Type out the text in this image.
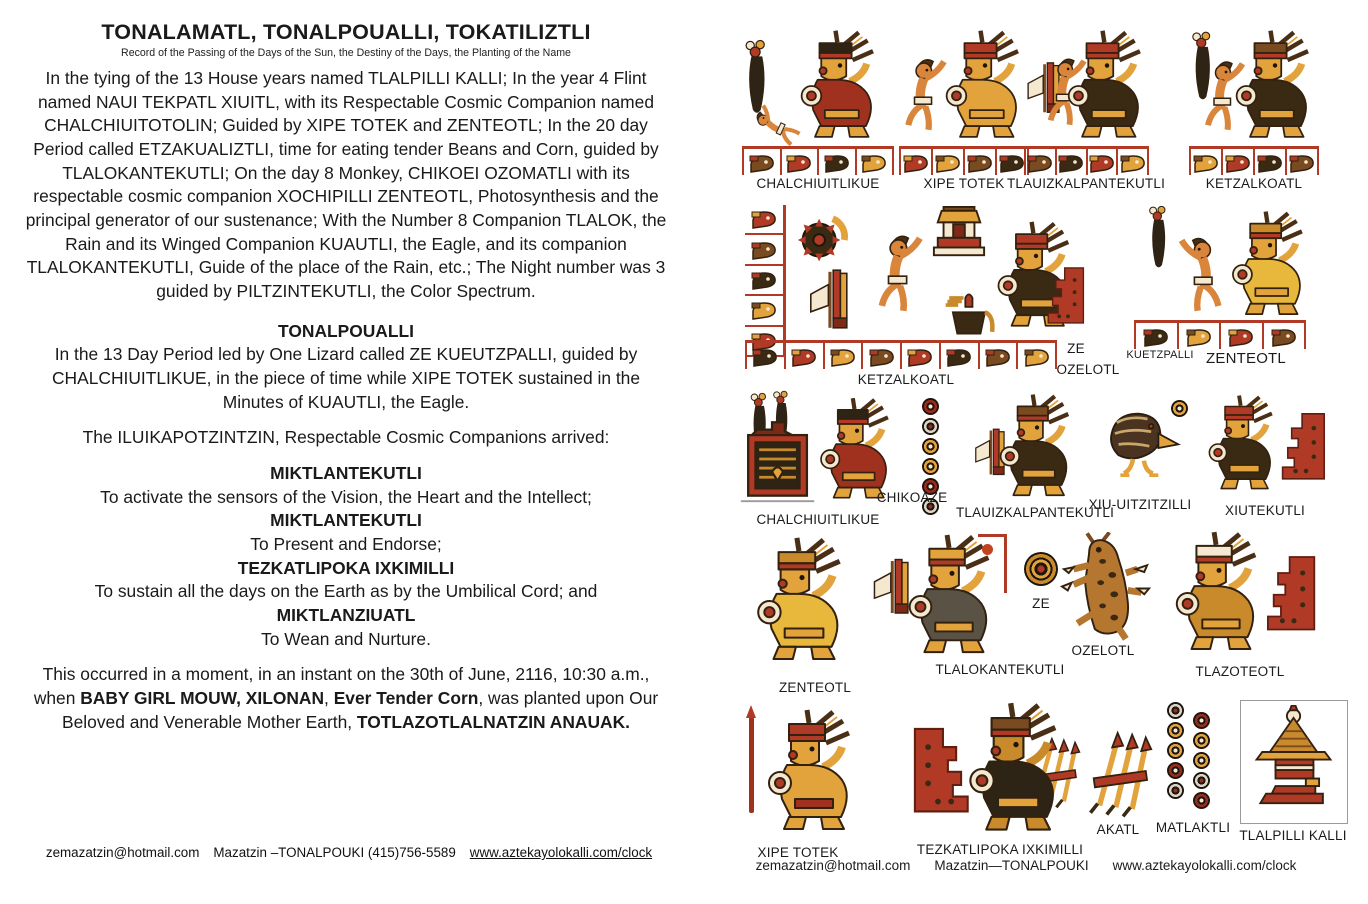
TONALAMATL, TONALPOUALLI, TOKATILIZTLI
Record of the Passing of the Days of the Sun, the Destiny of the Days, the Planting of the Name

In the tying of the 13 House years named TLALPILLI KALLI; In the year 4 Flint named NAUI TEKPATL XIUITL, with its Respectable Cosmic Companion named CHALCHIUITOTOLIN; Guided by XIPE TOTEK and ZENTEOTL; In the 20 day Period called ETZAKUALIZTLI, time for eating tender Beans and Corn, guided by TLALOKANTEKUTLI; On the day 8 Monkey, CHIKOEI OZOMATLI with its respectable cosmic companion XOCHIPILLI ZENTEOTL, Photosynthesis and the principal generator of our sustenance; With the Number 8 Companion TLALOK, the Rain and its Winged Companion KUAUTLI, the Eagle, and its companion TLALOKANTEKUTLI, Guide of the place of the Rain, etc.; The Night number was 3 guided by PILTZINTEKUTLI, the Color Spectrum.

TONALPOUALLI

In the 13 Day Period led by One Lizard called ZE KUEUTZPALLI, guided by CHALCHIUITLIKUE, in the piece of time while XIPE TOTEK sustained in the Minutes of KUAUTLI, the Eagle.

The ILUIKAPOTZINTZIN, Respectable Cosmic Companions arrived:

MIKTLANTEKUTLI
To activate the sensors of the Vision, the Heart and the Intellect;
MIKTLANTEKUTLI
To Present and Endorse;
TEZKATLIPOKA IXKIMILLI
To sustain all the days on the Earth as by the Umbilical Cord; and
MIKTLANZIUATL
To Wean and Nurture.

This occurred in a moment, in an instant on the 30th of June, 2116, 10:30 a.m., when BABY GIRL MOUW, XILONAN, Ever Tender Corn, was planted upon Our Beloved and Venerable Mother Earth, TOTLAZOTLALNATZIN ANAUAK.

zemazatzin@hotmail.com Mazatzin –TONALPOUKI (415)756-5589 www.aztekayolokalli.com/clock
CHALCHIUITLIKUE	XIPE TOTEK TLAUIZKALPANTEKUTLI	KETZALKOATL
ZE
OZELOTL
KETZALKOATL
KUETZPALLI ZENTEOTL
CHALCHIUITLIKUE
CHIKOAZE
TLAUIZKALPANTEKUTLI
XIU-UITZITZILLI XIUTEKUTLI
ZENTEOTL
TLALOKANTEKUTLI
ZE
OZELOTL
TLAZOTEOTL
XIPE TOTEK	TEZKATLIPOKA IXKIMILLI
AKATL MATLAKTLI
TLALPILLI KALLI
zemazatzin@hotmail.com Mazatzin—TONALPOUKI www.aztekayolokalli.com/clock
